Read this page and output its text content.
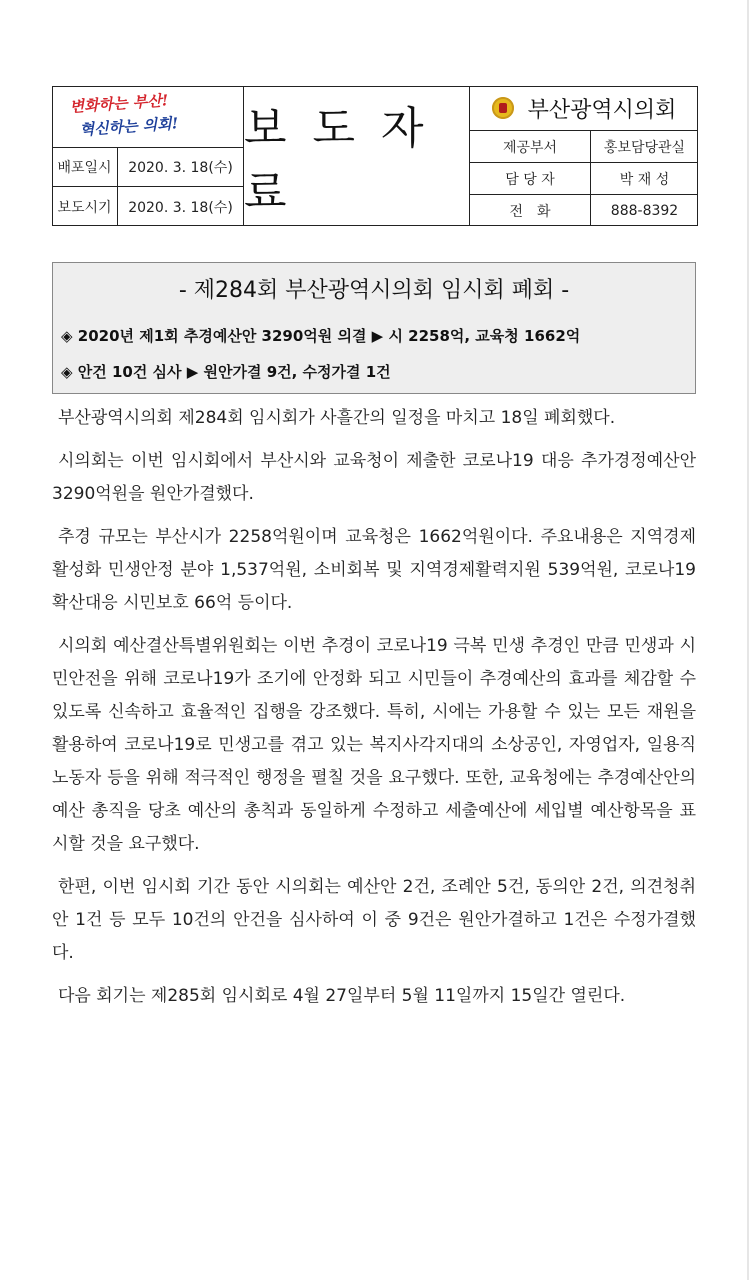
변화하는 부산!
혁신하는 의회!
배포일시	2020. 3. 18(수)
보도시기	2020. 3. 18(수)
보 도 자 료
부산광역시의회
제공부서	홍보담당관실
담 당 자	박 재 성
전　화	888-8392
- 제284회 부산광역시의회 임시회 폐회 -
◈ 2020년 제1회 추경예산안 3290억원 의결 ▶ 시 2258억, 교육청 1662억
◈ 안건 10건 심사 ▶ 원안가결 9건, 수정가결 1건

부산광역시의회 제284회 임시회가 사흘간의 일정을 마치고 18일 폐회했다.

시의회는 이번 임시회에서 부산시와 교육청이 제출한 코로나19 대응 추가경정예산안 3290억원을 원안가결했다.

추경 규모는 부산시가 2258억원이며 교육청은 1662억원이다. 주요내용은 지역경제활성화 민생안정 분야 1,537억원, 소비회복 및 지역경제활력지원 539억원, 코로나19 확산대응 시민보호 66억 등이다.

시의회 예산결산특별위원회는 이번 추경이 코로나19 극복 민생 추경인 만큼 민생과 시민안전을 위해 코로나19가 조기에 안정화 되고 시민들이 추경예산의 효과를 체감할 수 있도록 신속하고 효율적인 집행을 강조했다. 특히, 시에는 가용할 수 있는 모든 재원을 활용하여 코로나19로 민생고를 겪고 있는 복지사각지대의 소상공인, 자영업자, 일용직 노동자 등을 위해 적극적인 행정을 펼칠 것을 요구했다. 또한, 교육청에는 추경예산안의 예산 총직을 당초 예산의 총칙과 동일하게 수정하고 세출예산에 세입별 예산항목을 표시할 것을 요구했다.

한편, 이번 임시회 기간 동안 시의회는 예산안 2건, 조례안 5건, 동의안 2건, 의견청취안 1건 등 모두 10건의 안건을 심사하여 이 중 9건은 원안가결하고 1건은 수정가결했다.

다음 회기는 제285회 임시회로 4월 27일부터 5월 11일까지 15일간 열린다.
